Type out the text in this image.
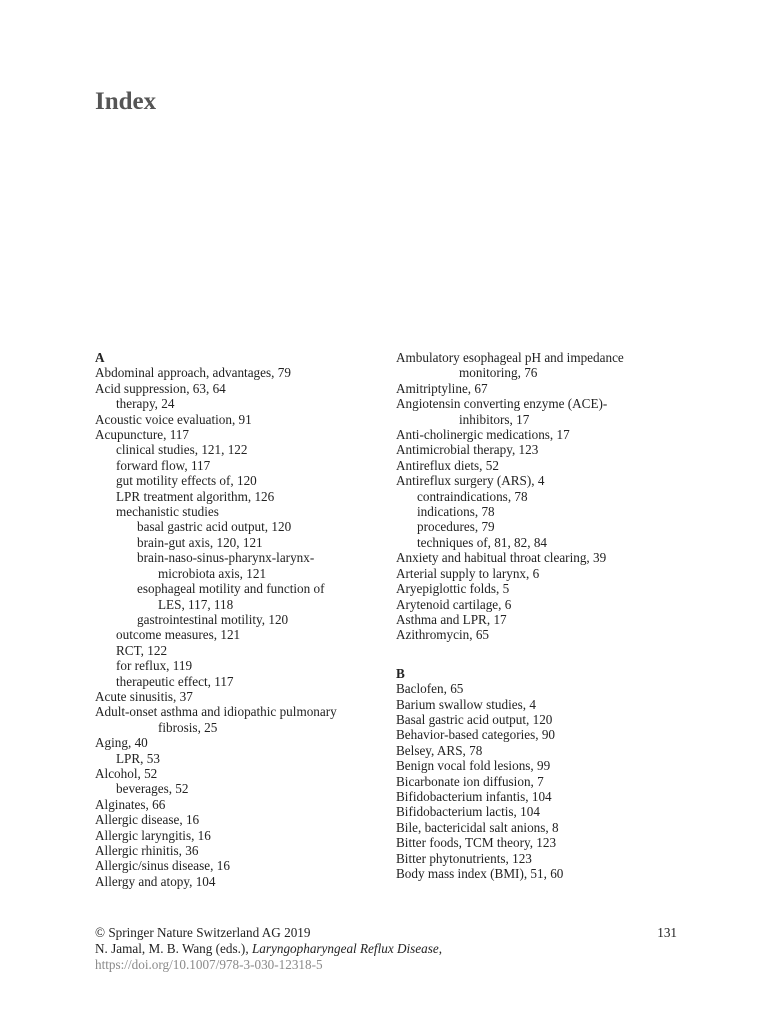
Index
A
Abdominal approach, advantages, 79
Acid suppression, 63, 64
therapy, 24
Acoustic voice evaluation, 91
Acupuncture, 117
clinical studies, 121, 122
forward flow, 117
gut motility effects of, 120
LPR treatment algorithm, 126
mechanistic studies
basal gastric acid output, 120
brain-gut axis, 120, 121
brain-naso-sinus-pharynx-larynx-
microbiota axis, 121
esophageal motility and function of
LES, 117, 118
gastrointestinal motility, 120
outcome measures, 121
RCT, 122
for reflux, 119
therapeutic effect, 117
Acute sinusitis, 37
Adult-onset asthma and idiopathic pulmonary
fibrosis, 25
Aging, 40
LPR, 53
Alcohol, 52
beverages, 52
Alginates, 66
Allergic disease, 16
Allergic laryngitis, 16
Allergic rhinitis, 36
Allergic/sinus disease, 16
Allergy and atopy, 104
Ambulatory esophageal pH and impedance
monitoring, 76
Amitriptyline, 67
Angiotensin converting enzyme (ACE)-
inhibitors, 17
Anti-cholinergic medications, 17
Antimicrobial therapy, 123
Antireflux diets, 52
Antireflux surgery (ARS), 4
contraindications, 78
indications, 78
procedures, 79
techniques of, 81, 82, 84
Anxiety and habitual throat clearing, 39
Arterial supply to larynx, 6
Aryepiglottic folds, 5
Arytenoid cartilage, 6
Asthma and LPR, 17
Azithromycin, 65
B
Baclofen, 65
Barium swallow studies, 4
Basal gastric acid output, 120
Behavior-based categories, 90
Belsey, ARS, 78
Benign vocal fold lesions, 99
Bicarbonate ion diffusion, 7
Bifidobacterium infantis, 104
Bifidobacterium lactis, 104
Bile, bactericidal salt anions, 8
Bitter foods, TCM theory, 123
Bitter phytonutrients, 123
Body mass index (BMI), 51, 60
© Springer Nature Switzerland AG 2019	131
N. Jamal, M. B. Wang (eds.), Laryngopharyngeal Reflux Disease,
https://doi.org/10.1007/978-3-030-12318-5
